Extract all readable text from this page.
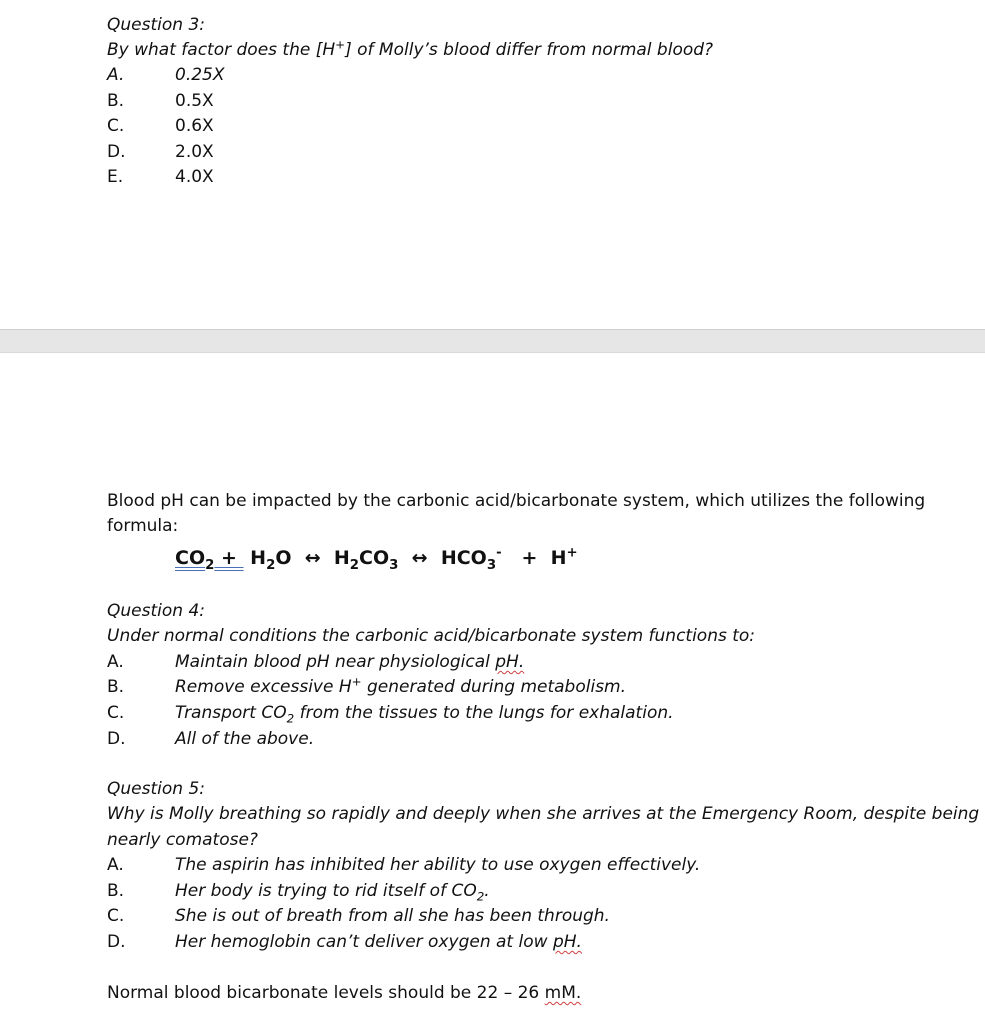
Question 3:
By what factor does the [H+] of Molly’s blood differ from normal blood?
A.	0.25X
B.	0.5X
C.	0.6X
D.	2.0X
E.	4.0X
Blood pH can be impacted by the carbonic acid/bicarbonate system, which utilizes the following
formula:
$CO_2 + H_2O$ ↔ $H_2CO_3$ ↔ $HCO_3^- + H^+$
Question 4:
Under normal conditions the carbonic acid/bicarbonate system functions to:
A.	Maintain blood pH near physiological pH.
B.	Remove excessive H+ generated during metabolism.
C.	Transport $CO_2$ from the tissues to the lungs for exhalation.
D.	All of the above.
Question 5:
Why is Molly breathing so rapidly and deeply when she arrives at the Emergency Room, despite being
nearly comatose?
A.	The aspirin has inhibited her ability to use oxygen effectively.
B.	Her body is trying to rid itself of $CO_2$.
C.	She is out of breath from all she has been through.
D.	Her hemoglobin can’t deliver oxygen at low pH.
Normal blood bicarbonate levels should be 22 – 26 mM.
